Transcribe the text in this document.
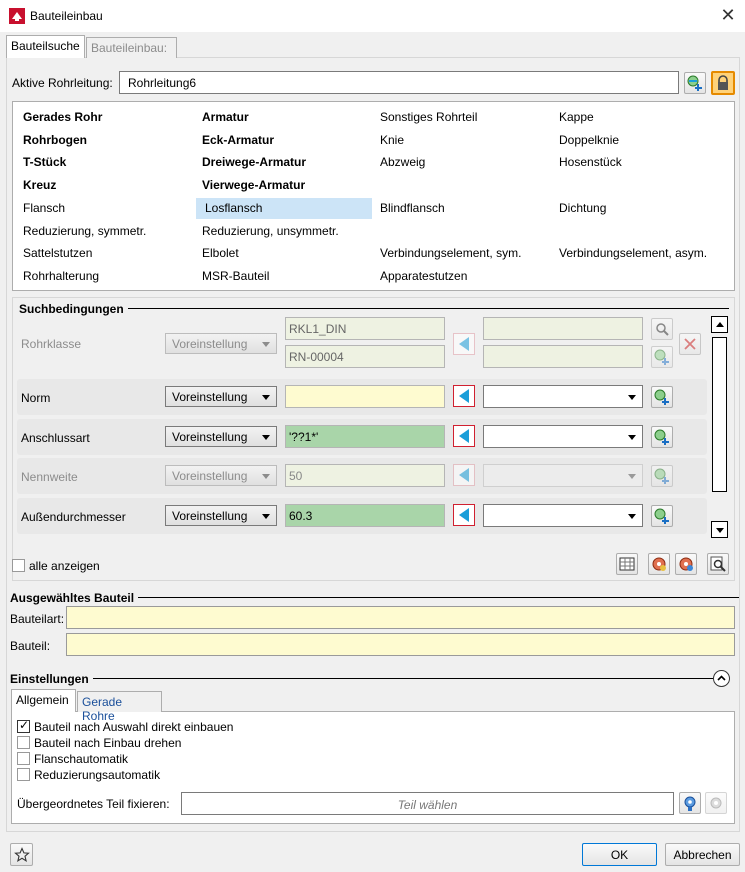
Bauteileinbau	✕
Bauteilsuche Bauteileinbau:
Aktive Rohrleitung:	Rohrleitung6
Gerades Rohr	Armatur	Sonstiges Rohrteil	Kappe
Rohrbogen	Eck-Armatur	Knie	Doppelknie
T-Stück	Dreiwege-Armatur	Abzweig	Hosenstück
Kreuz	Vierwege-Armatur
Flansch	Losflansch	Blindflansch	Dichtung
Reduzierung, symmetr.	Reduzierung, unsymmetr.
Sattelstutzen	Elbolet	Verbindungselement, sym.	Verbindungselement, asym.
Rohrhalterung	MSR-Bauteil	Apparatestutzen
Suchbedingungen
Rohrklasse	Voreinstellung
RKL1_DIN
RN-00004
Norm	Voreinstellung
Anschlussart	Voreinstellung	'??1*'
Nennweite	Voreinstellung	50
Außendurchmesser	Voreinstellung	60.3
alle anzeigen
Ausgewähltes Bauteil
Bauteilart:
Bauteil:
Einstellungen
Allgemein	Gerade Rohre
✓
Bauteil nach Auswahl direkt einbauen
Bauteil nach Einbau drehen
Flanschautomatik
Reduzierungsautomatik
Übergeordnetes Teil fixieren:	Teil wählen
OK	Abbrechen
